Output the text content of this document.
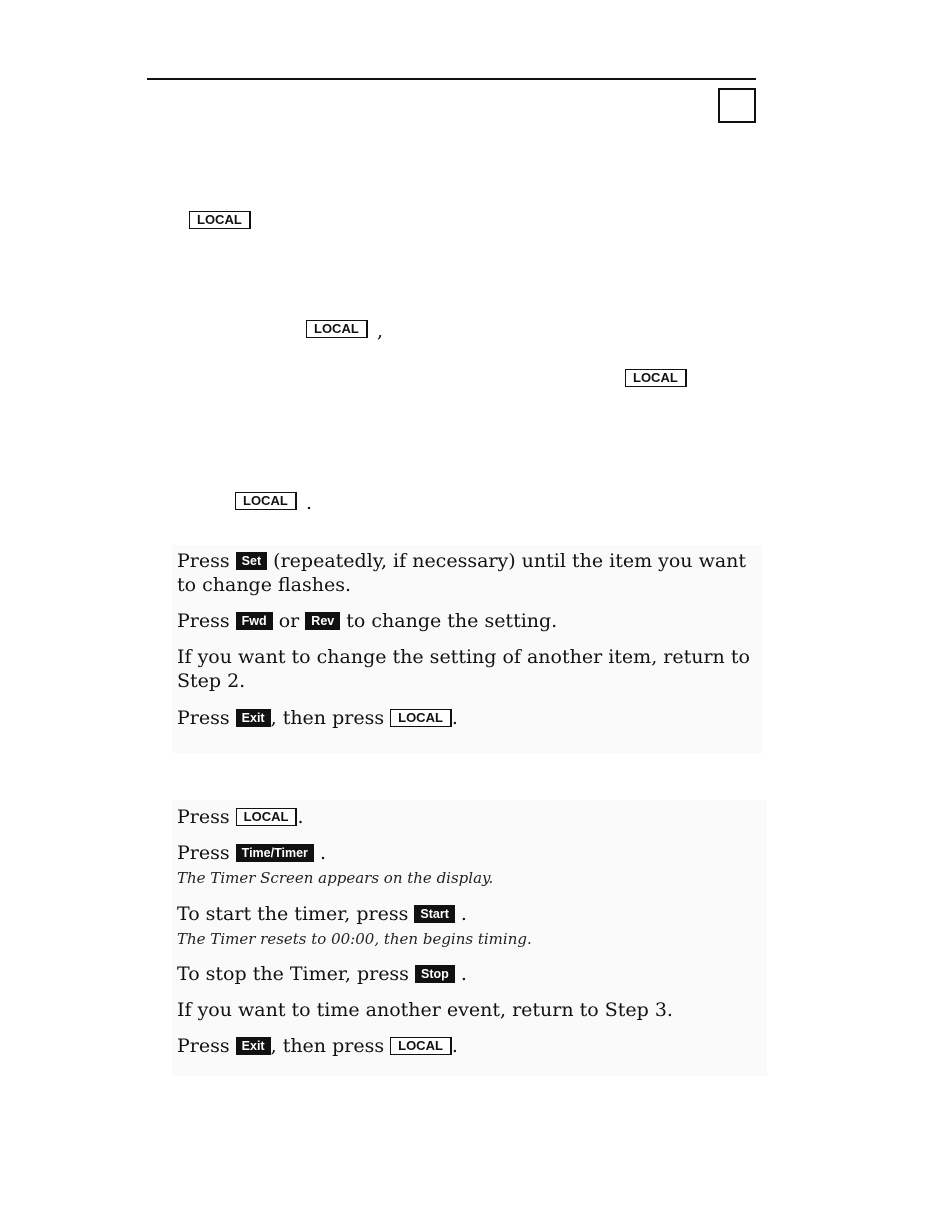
LOCAL
LOCAL ,
LOCAL
LOCAL .
Press Set (repeatedly, if necessary) until the item you want
to change flashes.
Press Fwd or Rev to change the setting.
If you want to change the setting of another item, return to
Step 2.
Press Exit , then press LOCAL .
Press LOCAL .
Press Time/Timer .
The Timer Screen appears on the display.
To start the timer, press Start .
The Timer resets to 00:00, then begins timing.
To stop the Timer, press Stop .
If you want to time another event, return to Step 3.
Press Exit , then press LOCAL .
